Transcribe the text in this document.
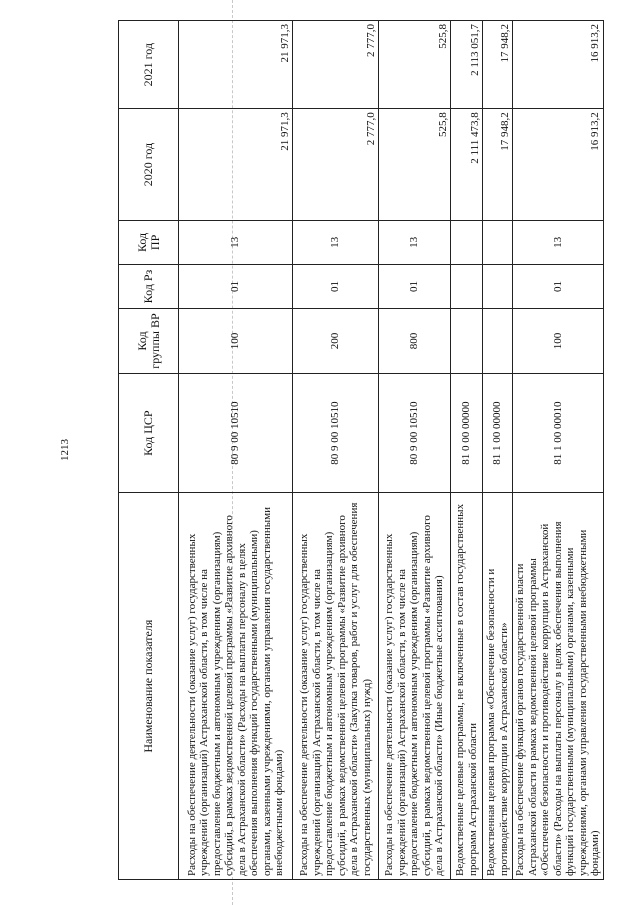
1213
Наименование показателя	Код ЦСР	Код группы ВР	Код Рз	Код ПР	2020 год	2021 год
Расходы на обеспечение деятельности (оказание услуг) государственных учреждений (организаций) Астраханской области, в том числе на предоставление бюджетным и автономным учреждениям (организациям) субсидий, в рамках ведомственной целевой программы «Развитие архивного дела в Астраханской области» (Расходы на выплаты персоналу в целях обеспечения выполнения функций государственными (муниципальными) органами, казенными учреждениями, органами управления государственными внебюджетными фондами)	80 9 00 10510	100	01	13	21 971,3	21 971,3
Расходы на обеспечение деятельности (оказание услуг) государственных учреждений (организаций) Астраханской области, в том числе на предоставление бюджетным и автономным учреждениям (организациям) субсидий, в рамках ведомственной целевой программы «Развитие архивного дела в Астраханской области» (Закупка товаров, работ и услуг для обеспечения государственных (муниципальных) нужд)	80 9 00 10510	200	01	13	2 777,0	2 777,0
Расходы на обеспечение деятельности (оказание услуг) государственных учреждений (организаций) Астраханской области, в том числе на предоставление бюджетным и автономным учреждениям (организациям) субсидий, в рамках ведомственной целевой программы «Развитие архивного дела в Астраханской области» (Иные бюджетные ассигнования)	80 9 00 10510	800	01	13	525,8	525,8
Ведомственные целевые программы, не включенные в состав государственных программ Астраханской области	81 0 00 00000				2 111 473,8	2 113 051,7
Ведомственная целевая программа «Обеспечение безопасности и противодействие коррупции в Астраханской области»	81 1 00 00000				17 948,2	17 948,2
Расходы на обеспечение функций органов государственной власти Астраханской области в рамках ведомственной целевой программы «Обеспечение безопасности и противодействие коррупции в Астраханской области» (Расходы на выплаты персоналу в целях обеспечения выполнения функций государственными (муниципальными) органами, казенными учреждениями, органами управления государственными внебюджетными фондами)	81 1 00 00010	100	01	13	16 913,2	16 913,2
